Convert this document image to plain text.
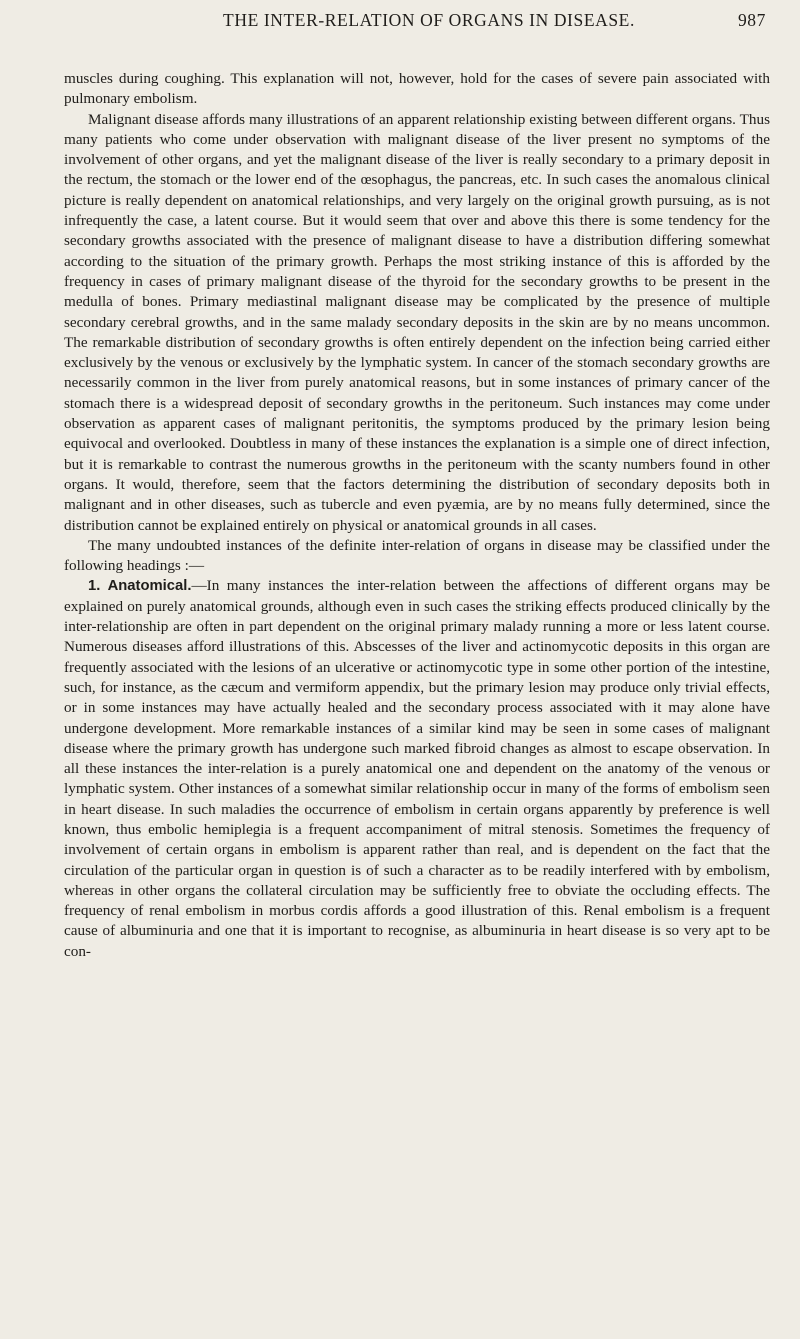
THE INTER-RELATION OF ORGANS IN DISEASE.	987

muscles during coughing. This explanation will not, however, hold for the cases of severe pain associated with pulmonary embolism.

Malignant disease affords many illustrations of an apparent relationship existing between different organs. Thus many patients who come under observation with malignant disease of the liver present no symptoms of the involvement of other organs, and yet the malignant disease of the liver is really secondary to a primary deposit in the rectum, the stomach or the lower end of the œsophagus, the pancreas, etc. In such cases the anomalous clinical picture is really dependent on anatomical relationships, and very largely on the original growth pursuing, as is not infrequently the case, a latent course. But it would seem that over and above this there is some tendency for the secondary growths associated with the presence of malignant disease to have a distribution differing somewhat according to the situation of the primary growth. Perhaps the most striking instance of this is afforded by the frequency in cases of primary malignant disease of the thyroid for the secondary growths to be present in the medulla of bones. Primary mediastinal malignant disease may be complicated by the presence of multiple secondary cerebral growths, and in the same malady secondary deposits in the skin are by no means uncommon. The remarkable distribution of secondary growths is often entirely dependent on the infection being carried either exclusively by the venous or exclusively by the lymphatic system. In cancer of the stomach secondary growths are necessarily common in the liver from purely anatomical reasons, but in some instances of primary cancer of the stomach there is a widespread deposit of secondary growths in the peritoneum. Such instances may come under observation as apparent cases of malignant peritonitis, the symptoms produced by the primary lesion being equivocal and overlooked. Doubtless in many of these instances the explanation is a simple one of direct infection, but it is remarkable to contrast the numerous growths in the peritoneum with the scanty numbers found in other organs. It would, therefore, seem that the factors determining the distribution of secondary deposits both in malignant and in other diseases, such as tubercle and even pyæmia, are by no means fully determined, since the distribution cannot be explained entirely on physical or anatomical grounds in all cases.

The many undoubted instances of the definite inter-relation of organs in disease may be classified under the following headings :—

1. Anatomical.—In many instances the inter-relation between the affections of different organs may be explained on purely anatomical grounds, although even in such cases the striking effects produced clinically by the inter-relationship are often in part dependent on the original primary malady running a more or less latent course. Numerous diseases afford illustrations of this. Abscesses of the liver and actinomycotic deposits in this organ are frequently associated with the lesions of an ulcerative or actinomycotic type in some other portion of the intestine, such, for instance, as the cæcum and vermiform appendix, but the primary lesion may produce only trivial effects, or in some instances may have actually healed and the secondary process associated with it may alone have undergone development. More remarkable instances of a similar kind may be seen in some cases of malignant disease where the primary growth has undergone such marked fibroid changes as almost to escape observation. In all these instances the inter-relation is a purely anatomical one and dependent on the anatomy of the venous or lymphatic system. Other instances of a somewhat similar relationship occur in many of the forms of embolism seen in heart disease. In such maladies the occurrence of embolism in certain organs apparently by preference is well known, thus embolic hemiplegia is a frequent accompaniment of mitral stenosis. Sometimes the frequency of involvement of certain organs in embolism is apparent rather than real, and is dependent on the fact that the circulation of the particular organ in question is of such a character as to be readily interfered with by embolism, whereas in other organs the collateral circulation may be sufficiently free to obviate the occluding effects. The frequency of renal embolism in morbus cordis affords a good illustration of this. Renal embolism is a frequent cause of albuminuria and one that it is important to recognise, as albuminuria in heart disease is so very apt to be con-
